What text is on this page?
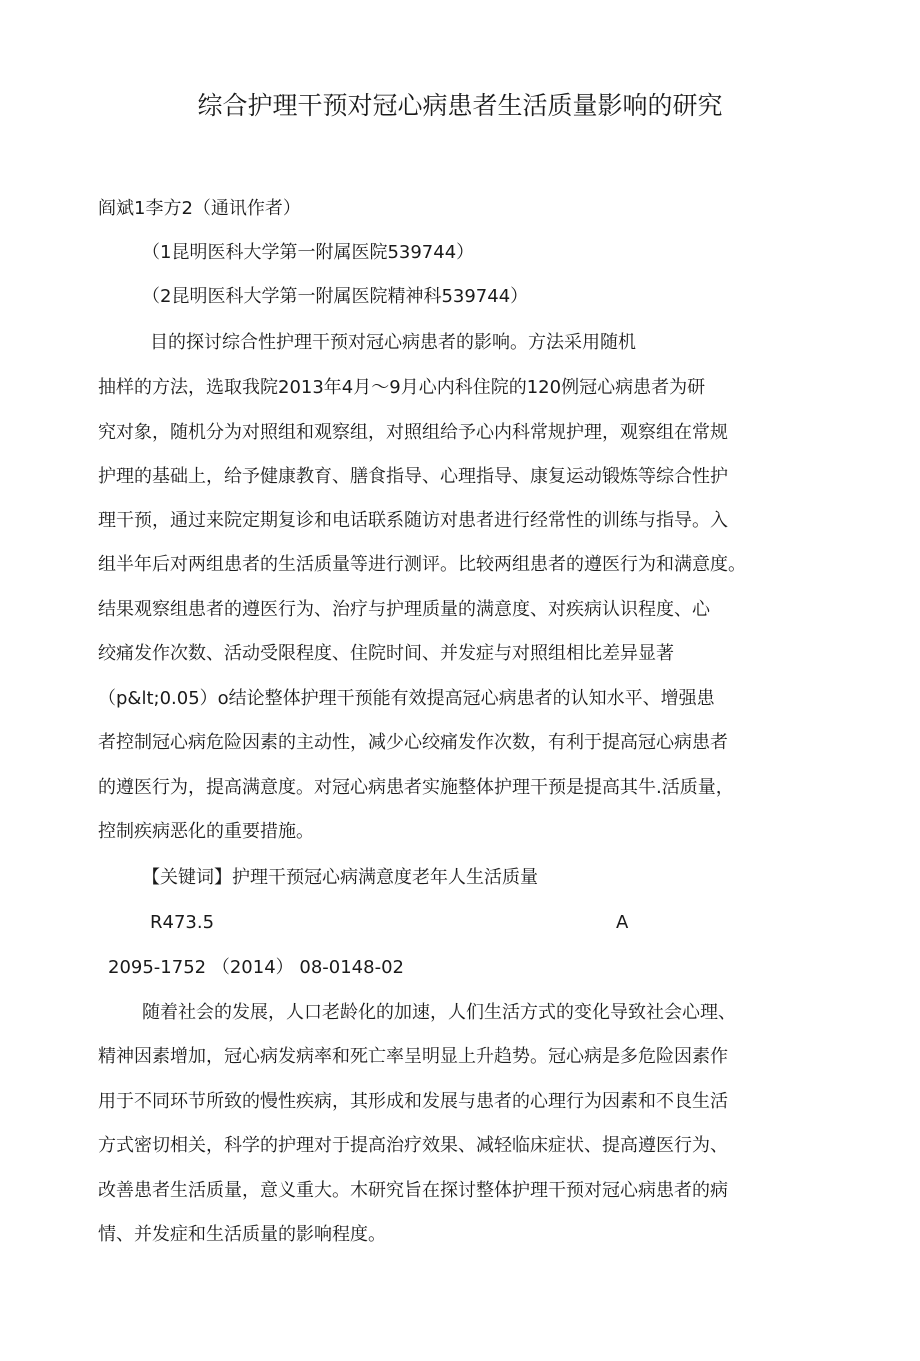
综合护理干预对冠心病患者生活质量影响的研究
阎斌1李方2（通讯作者）
（1昆明医科大学第一附属医院539744）
（2昆明医科大学第一附属医院精神科539744）
目的探讨综合性护理干预对冠心病患者的影响。方法采用随机
抽样的方法，选取我院2013年4月～9月心内科住院的120例冠心病患者为研
究对象，随机分为对照组和观察组，对照组给予心内科常规护理，观察组在常规
护理的基础上，给予健康教育、膳食指导、心理指导、康复运动锻炼等综合性护
理干预，通过来院定期复诊和电话联系随访对患者进行经常性的训练与指导。入
组半年后对两组患者的生活质量等进行测评。比较两组患者的遵医行为和满意度。
结果观察组患者的遵医行为、治疗与护理质量的满意度、对疾病认识程度、心
绞痛发作次数、活动受限程度、住院时间、并发症与对照组相比差异显著
（p&lt;0.05）o结论整体护理干预能有效提高冠心病患者的认知水平、增强患
者控制冠心病危险因素的主动性，减少心绞痛发作次数，有利于提高冠心病患者
的遵医行为，提高满意度。对冠心病患者实施整体护理干预是提高其牛.活质量，
控制疾病恶化的重要措施。
【关键词】护理干预冠心病满意度老年人生活质量
R473.5	A
2095-1752 （2014） 08-0148-02
随着社会的发展，人口老龄化的加速，人们生活方式的变化导致社会心理、
精神因素增加，冠心病发病率和死亡率呈明显上升趋势。冠心病是多危险因素作
用于不同环节所致的慢性疾病，其形成和发展与患者的心理行为因素和不良生活
方式密切相关，科学的护理对于提高治疗效果、减轻临床症状、提高遵医行为、
改善患者生活质量，意义重大。木研究旨在探讨整体护理干预对冠心病患者的病
情、并发症和生活质量的影响程度。
